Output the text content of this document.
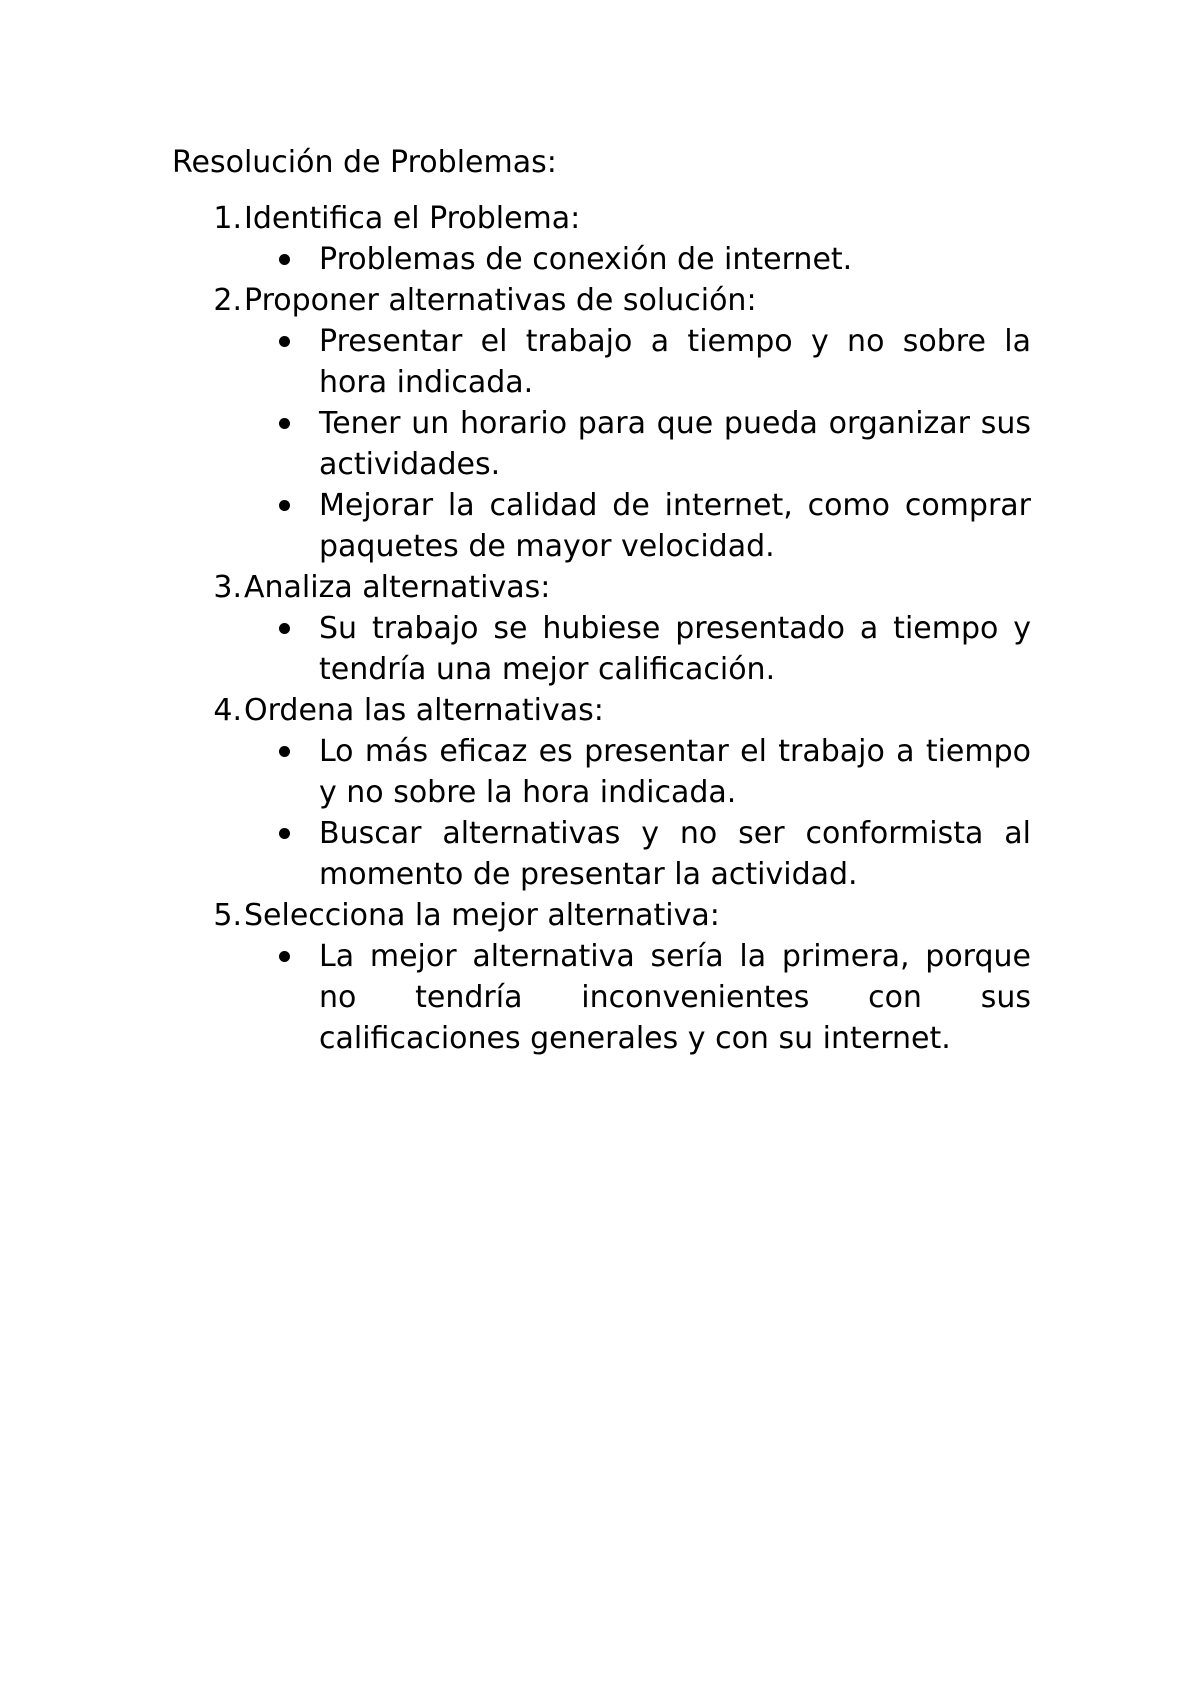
Resolución de Problemas:
1. Identifica el Problema:
Problemas de conexión de internet.
2. Proponer alternativas de solución:
Presentar el trabajo a tiempo y no sobre la hora indicada.
Tener un horario para que pueda organizar sus actividades.
Mejorar la calidad de internet, como comprar paquetes de mayor velocidad.
3. Analiza alternativas:
Su trabajo se hubiese presentado a tiempo y tendría una mejor calificación.
4. Ordena las alternativas:
Lo más eficaz es presentar el trabajo a tiempo y no sobre la hora indicada.
Buscar alternativas y no ser conformista al momento de presentar la actividad.
5. Selecciona la mejor alternativa:
La mejor alternativa sería la primera, porque no tendría inconvenientes con sus calificaciones generales y con su internet.
